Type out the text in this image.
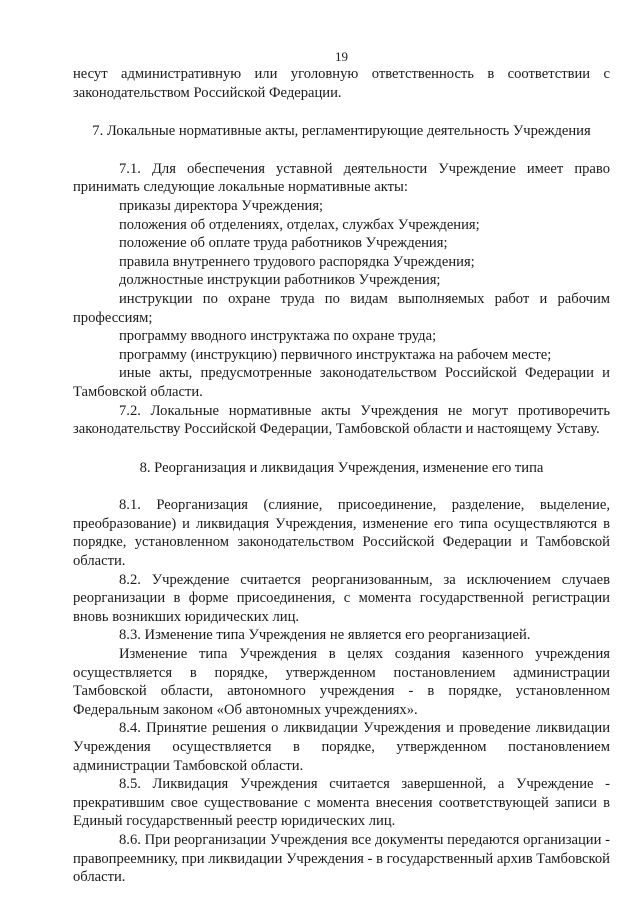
19

несут административную или уголовную ответственность в соответствии с законодательством Российской Федерации.

7. Локальные нормативные акты, регламентирующие деятельность Учреждения

7.1. Для обеспечения уставной деятельности Учреждение имеет право принимать следующие локальные нормативные акты:

приказы директора Учреждения;

положения об отделениях, отделах, службах Учреждения;

положение об оплате труда работников Учреждения;

правила внутреннего трудового распорядка Учреждения;

должностные инструкции работников Учреждения;

инструкции по охране труда по видам выполняемых работ и рабочим профессиям;

программу вводного инструктажа по охране труда;

программу (инструкцию) первичного инструктажа на рабочем месте;

иные акты, предусмотренные законодательством Российской Федерации и Тамбовской области.

7.2. Локальные нормативные акты Учреждения не могут противоречить законодательству Российской Федерации, Тамбовской области и настоящему Уставу.

8. Реорганизация и ликвидация Учреждения, изменение его типа

8.1. Реорганизация (слияние, присоединение, разделение, выделение, преобразование) и ликвидация Учреждения, изменение его типа осуществляются в порядке, установленном законодательством Российской Федерации и Тамбовской области.

8.2. Учреждение считается реорганизованным, за исключением случаев реорганизации в форме присоединения, с момента государственной регистрации вновь возникших юридических лиц.

8.3. Изменение типа Учреждения не является его реорганизацией.

Изменение типа Учреждения в целях создания казенного учреждения осуществляется в порядке, утвержденном постановлением администрации Тамбовской области, автономного учреждения - в порядке, установленном Федеральным законом «Об автономных учреждениях».

8.4. Принятие решения о ликвидации Учреждения и проведение ликвидации Учреждения осуществляется в порядке, утвержденном постановлением администрации Тамбовской области.

8.5. Ликвидация Учреждения считается завершенной, а Учреждение - прекратившим свое существование с момента внесения соответствующей записи в Единый государственный реестр юридических лиц.

8.6. При реорганизации Учреждения все документы передаются организации - правопреемнику, при ликвидации Учреждения - в государственный архив Тамбовской области.
